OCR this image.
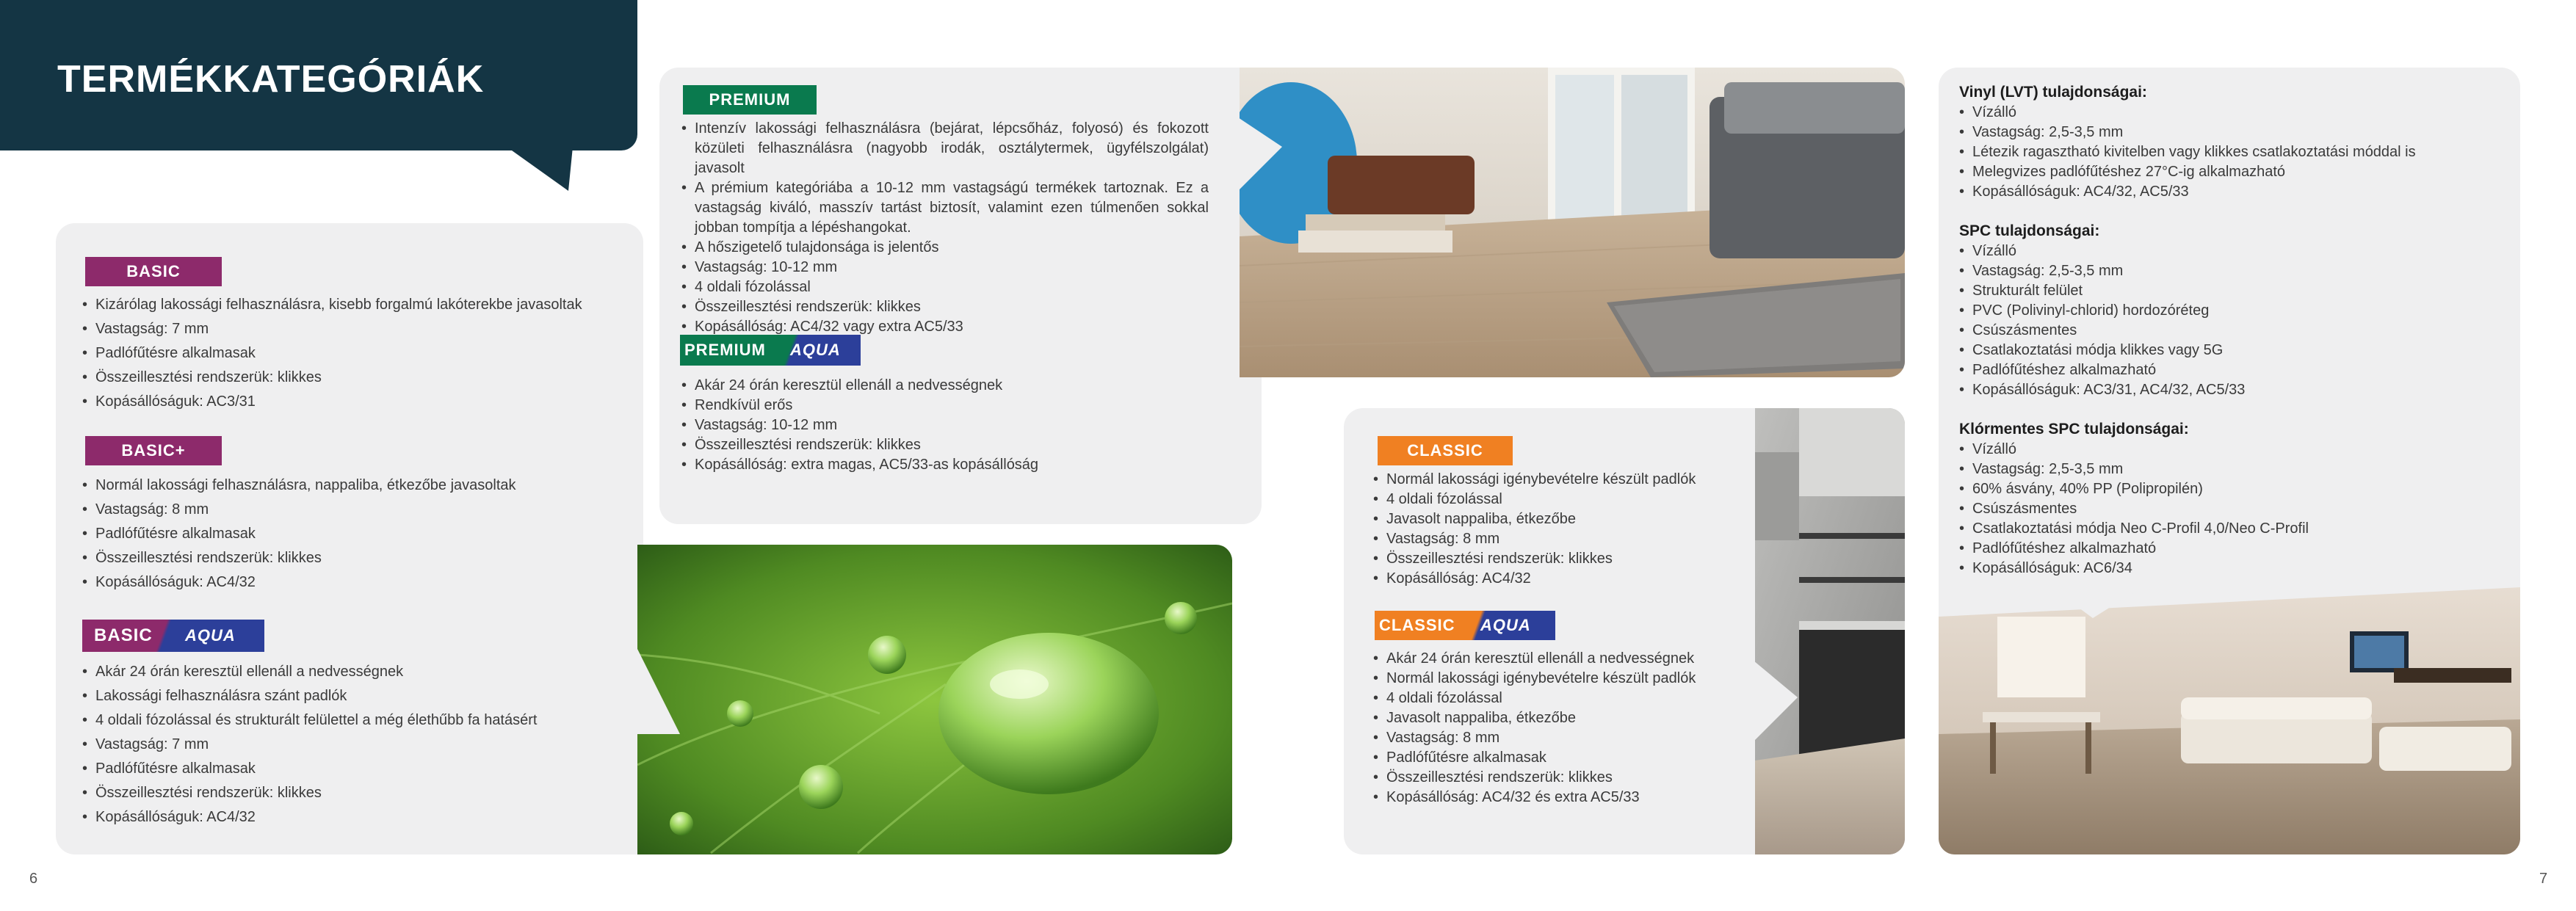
TERMÉKKATEGÓRIÁK
BASIC
• Kizárólag lakossági felhasználásra, kisebb forgalmú lakóterekbe javasoltak
• Vastagság: 7 mm
• Padlófűtésre alkalmasak
• Összeillesztési rendszerük: klikkes
• Kopásállóságuk: AC3/31
BASIC+
• Normál lakossági felhasználásra, nappaliba, étkezőbe javasoltak
• Vastagság: 8 mm
• Padlófűtésre alkalmasak
• Összeillesztési rendszerük: klikkes
• Kopásállóságuk: AC4/32
BASIC	AQUA
• Akár 24 órán keresztül ellenáll a nedvességnek
• Lakossági felhasználásra szánt padlók
• 4 oldali fózolással és strukturált felülettel a még élethűbb fa hatásért
• Vastagság: 7 mm
• Padlófűtésre alkalmasak
• Összeillesztési rendszerük: klikkes
• Kopásállóságuk: AC4/32
PREMIUM
• Intenzív lakossági felhasználásra (bejárat, lépcsőház, folyosó) és fokozott közületi felhasználásra (nagyobb irodák, osztálytermek, ügyfélszolgálat) javasolt
• A prémium kategóriába a 10-12 mm vastagságú termékek tartoznak. Ez a vastagság kiváló, masszív tartást biztosít, valamint ezen túlmenően sokkal jobban tompítja a lépéshangokat.
• A hőszigetelő tulajdonsága is jelentős
• Vastagság: 10-12 mm
• 4 oldali fózolással
• Összeillesztési rendszerük: klikkes
• Kopásállóság: AC4/32 vagy extra AC5/33
PREMIUM	AQUA
• Akár 24 órán keresztül ellenáll a nedvességnek
• Rendkívül erős
• Vastagság: 10-12 mm
• Összeillesztési rendszerük: klikkes
• Kopásállóság: extra magas, AC5/33-as kopásállóság
CLASSIC
• Normál lakossági igénybevételre készült padlók
• 4 oldali fózolással
• Javasolt nappaliba, étkezőbe
• Vastagság: 8 mm
• Összeillesztési rendszerük: klikkes
• Kopásállóság: AC4/32
CLASSIC	AQUA
• Akár 24 órán keresztül ellenáll a nedvességnek
• Normál lakossági igénybevételre készült padlók
• 4 oldali fózolással
• Javasolt nappaliba, étkezőbe
• Vastagság: 8 mm
• Padlófűtésre alkalmasak
• Összeillesztési rendszerük: klikkes
• Kopásállóság: AC4/32 és extra AC5/33

Vinyl (LVT) tulajdonságai:

• Vízálló
• Vastagság: 2,5-3,5 mm
• Létezik ragasztható kivitelben vagy klikkes csatlakoztatási móddal is
• Melegvizes padlófűtéshez 27°C-ig alkalmazható
• Kopásállóságuk: AC4/32, AC5/33

SPC tulajdonságai:

• Vízálló
• Vastagság: 2,5-3,5 mm
• Strukturált felület
• PVC (Polivinyl-chlorid) hordozóréteg
• Csúszásmentes
• Csatlakoztatási módja klikkes vagy 5G
• Padlófűtéshez alkalmazható
• Kopásállóságuk: AC3/31, AC4/32, AC5/33

Klórmentes SPC tulajdonságai:

• Vízálló
• Vastagság: 2,5-3,5 mm
• 60% ásvány, 40% PP (Polipropilén)
• Csúszásmentes
• Csatlakoztatási módja Neo C-Profil 4,0/Neo C-Profil
• Padlófűtéshez alkalmazható
• Kopásállóságuk: AC6/34
6	7
